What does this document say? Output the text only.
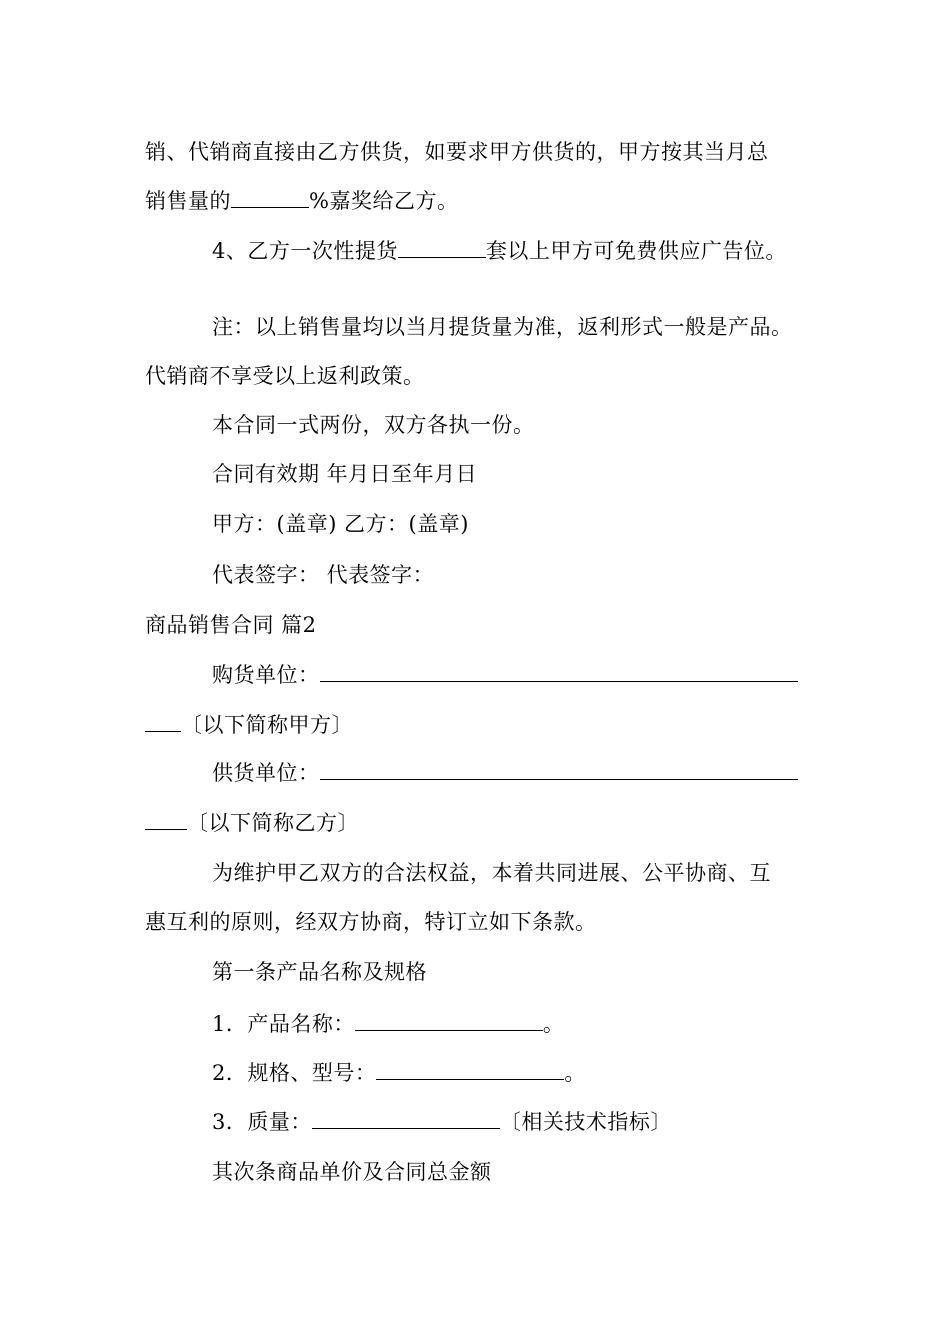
销、代销商直接由乙方供货，如要求甲方供货的，甲方按其当月总
销售量的	%嘉奖给乙方。
4、乙方一次性提货	套以上甲方可免费供应广告位。
注：以上销售量均以当月提货量为准，返利形式一般是产品。
代销商不享受以上返利政策。
本合同一式两份，双方各执一份。
合同有效期 年月日至年月日
甲方：(盖章) 乙方：(盖章)
代表签字： 代表签字：
商品销售合同 篇2
购货单位：
〔以下简称甲方〕
供货单位：
〔以下简称乙方〕
为维护甲乙双方的合法权益，本着共同进展、公平协商、互
惠互利的原则，经双方协商，特订立如下条款。
第一条产品名称及规格
1．产品名称：	。
2．规格、型号：	。
3．质量：	〔相关技术指标〕
其次条商品单价及合同总金额
